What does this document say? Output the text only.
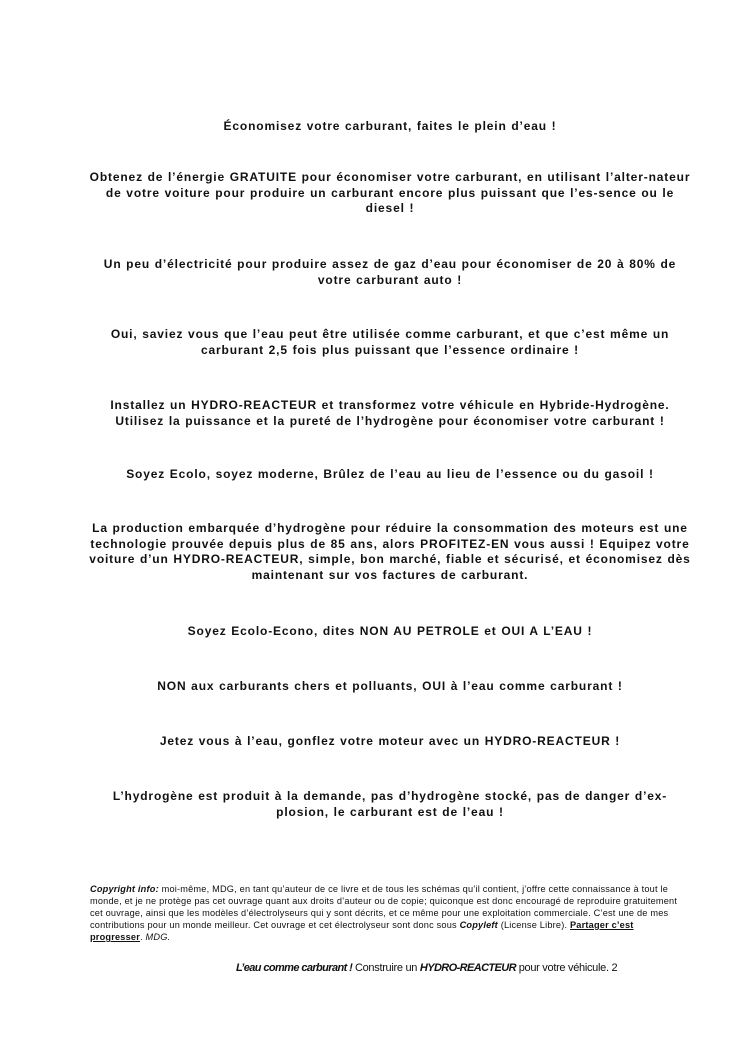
Économisez votre carburant, faites le plein d’eau !

Obtenez de l’énergie GRATUITE pour économiser votre carburant, en utilisant l’alter-nateur de votre voiture pour produire un carburant encore plus puissant que l’es-sence ou le diesel !

Un peu d’électricité pour produire assez de gaz d’eau pour économiser de 20 à 80% de votre carburant auto !

Oui, saviez vous que l’eau peut être utilisée comme carburant, et que c’est même un carburant 2,5 fois plus puissant que l’essence ordinaire !

Installez un HYDRO-REACTEUR et transformez votre véhicule en Hybride-Hydrogène. Utilisez la puissance et la pureté de l’hydrogène pour économiser votre carburant !

Soyez Ecolo, soyez moderne, Brûlez de l’eau au lieu de l’essence ou du gasoil !

La production embarquée d’hydrogène pour réduire la consommation des moteurs est une technologie prouvée depuis plus de 85 ans, alors PROFITEZ-EN vous aussi ! Equipez votre voiture d’un HYDRO-REACTEUR, simple, bon marché, fiable et sécurisé, et économisez dès maintenant sur vos factures de carburant.

Soyez Ecolo-Econo, dites NON AU PETROLE et OUI A L’EAU !

NON aux carburants chers et polluants, OUI à l’eau comme carburant !

Jetez vous à l’eau, gonflez votre moteur avec un HYDRO-REACTEUR !

L’hydrogène est produit à la demande, pas d’hydrogène stocké, pas de danger d’ex-plosion, le carburant est de l’eau !

Copyright info: moi-même, MDG, en tant qu’auteur de ce livre et de tous les schémas qu’il contient, j’offre cette connaissance à tout le monde, et je ne protège pas cet ouvrage quant aux droits d’auteur ou de copie; quiconque est donc encouragé de reproduire gratuitement cet ouvrage, ainsi que les modèles d’électrolyseurs qui y sont décrits, et ce même pour une exploitation commerciale. C’est une de mes contributions pour un monde meilleur. Cet ouvrage et cet électrolyseur sont donc sous Copyleft (License Libre). Partager c’est progresser. MDG.

L’eau comme carburant ! Construire un HYDRO-REACTEUR pour votre véhicule. 2
